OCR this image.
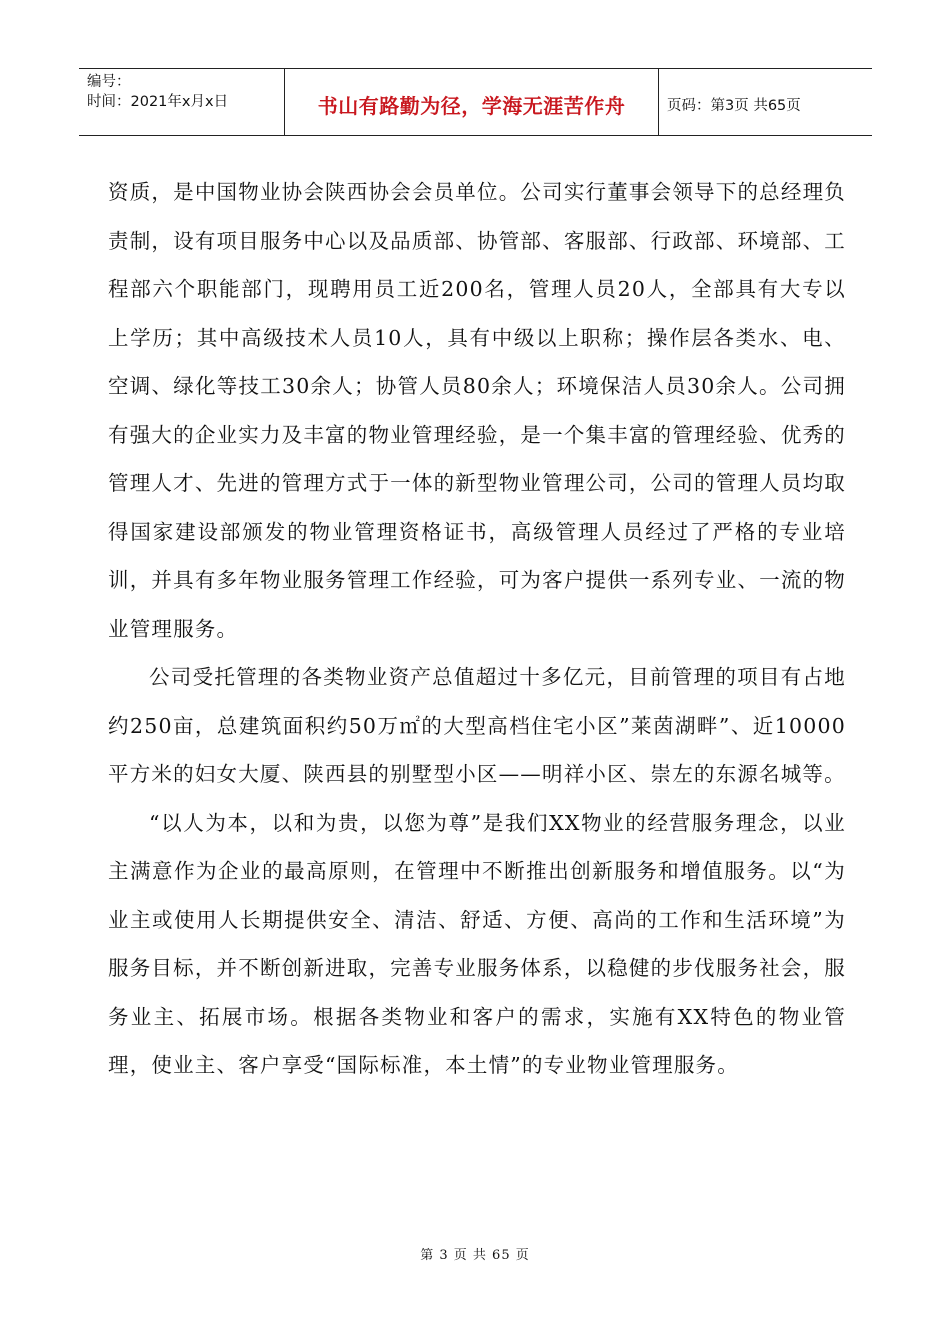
编号：
时间：2021年x月x日	书山有路勤为径，学海无涯苦作舟	页码：第3页 共65页

资质，是中国物业协会陕西协会会员单位。公司实行董事会领导下的总经理负责制，设有项目服务中心以及品质部、协管部、客服部、行政部、环境部、工程部六个职能部门，现聘用员工近200名，管理人员20人，全部具有大专以上学历；其中高级技术人员10人，具有中级以上职称；操作层各类水、电、空调、绿化等技工30余人；协管人员80余人；环境保洁人员30余人。公司拥有强大的企业实力及丰富的物业管理经验，是一个集丰富的管理经验、优秀的管理人才、先进的管理方式于一体的新型物业管理公司，公司的管理人员均取得国家建设部颁发的物业管理资格证书，高级管理人员经过了严格的专业培训，并具有多年物业服务管理工作经验，可为客户提供一系列专业、一流的物业管理服务。

公司受托管理的各类物业资产总值超过十多亿元，目前管理的项目有占地约250亩，总建筑面积约50万㎡的大型高档住宅小区”莱茵湖畔”、近10000平方米的妇女大厦、陕西县的别墅型小区——明祥小区、崇左的东源名城等。

“以人为本，以和为贵，以您为尊”是我们XX物业的经营服务理念，以业主满意作为企业的最高原则，在管理中不断推出创新服务和增值服务。以“为业主或使用人长期提供安全、清洁、舒适、方便、高尚的工作和生活环境”为服务目标，并不断创新进取，完善专业服务体系，以稳健的步伐服务社会，服务业主、拓展市场。根据各类物业和客户的需求，实施有XX特色的物业管理，使业主、客户享受“国际标准，本土情”的专业物业管理服务。

第 3 页 共 65 页
